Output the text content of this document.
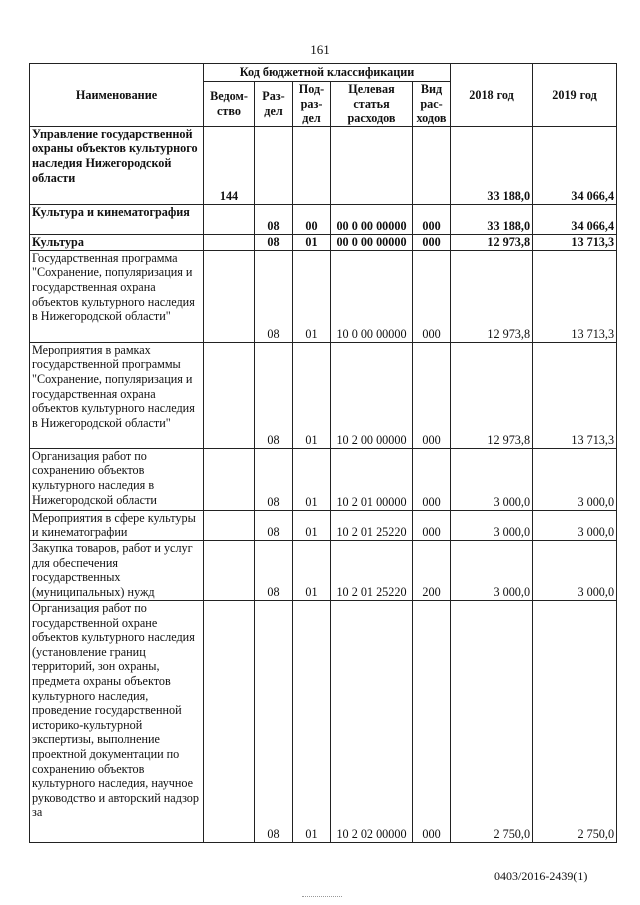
161
Наименование	Код бюджетной классификации					2018 год	2019 год
	Ведом-ство	Раз-дел	Под-раз-дел	Целевая статья расходов	Вид рас-ходов		
Управление государственной охраны объектов культурного наследия Нижегородской области	144					33 188,0	34 066,4
Культура и кинематография		08	00	00 0 00 00000	000	33 188,0	34 066,4
Культура		08	01	00 0 00 00000	000	12 973,8	13 713,3
Государственная программа "Сохранение, популяризация и государственная охрана объектов культурного наследия в Нижегородской области"		08	01	10 0 00 00000	000	12 973,8	13 713,3
Мероприятия в рамках государственной программы "Сохранение, популяризация и государственная охрана объектов культурного наследия в Нижегородской области"		08	01	10 2 00 00000	000	12 973,8	13 713,3
Организация работ по сохранению объектов культурного наследия в Нижегородской области		08	01	10 2 01 00000	000	3 000,0	3 000,0
Мероприятия в сфере культуры и кинематографии		08	01	10 2 01 25220	000	3 000,0	3 000,0
Закупка товаров, работ и услуг для обеспечения государственных (муниципальных) нужд		08	01	10 2 01 25220	200	3 000,0	3 000,0
Организация работ по государственной охране объектов культурного наследия (установление границ территорий, зон охраны, предмета охраны объектов культурного наследия, проведение государственной историко-культурной экспертизы, выполнение проектной документации по сохранению объектов культурного наследия, научное руководство и авторский надзор за		08	01	10 2 02 00000	000	2 750,0	2 750,0
0403/2016-2439(1)
